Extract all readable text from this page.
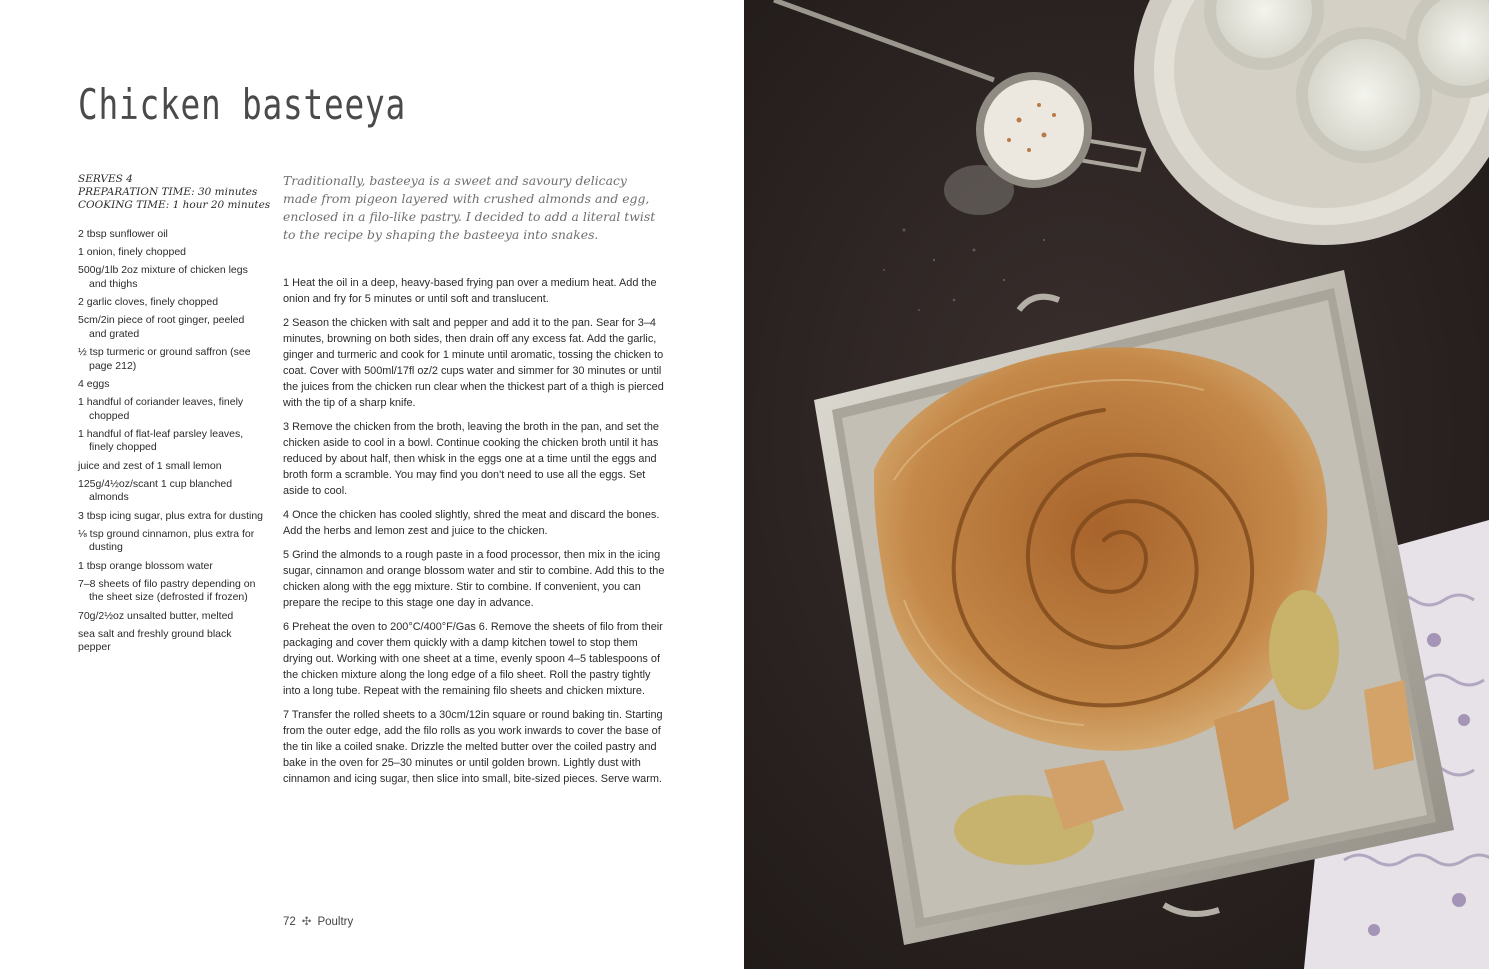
Chicken basteeya
SERVES 4
PREPARATION TIME: 30 minutes
COOKING TIME: 1 hour 20 minutes
2 tbsp sunflower oil
1 onion, finely chopped
500g/1lb 2oz mixture of chicken legs and thighs
2 garlic cloves, finely chopped
5cm/2in piece of root ginger, peeled and grated
½ tsp turmeric or ground saffron (see page 212)
4 eggs
1 handful of coriander leaves, finely chopped
1 handful of flat-leaf parsley leaves, finely chopped
juice and zest of 1 small lemon
125g/4½oz/scant 1 cup blanched almonds
3 tbsp icing sugar, plus extra for dusting
⅛ tsp ground cinnamon, plus extra for dusting
1 tbsp orange blossom water
7–8 sheets of filo pastry depending on the sheet size (defrosted if frozen)
70g/2½oz unsalted butter, melted
sea salt and freshly ground black pepper

Traditionally, basteeya is a sweet and savoury delicacy made from pigeon layered with crushed almonds and egg, enclosed in a filo-like pastry. I decided to add a literal twist to the recipe by shaping the basteeya into snakes.

1 Heat the oil in a deep, heavy-based frying pan over a medium heat. Add the onion and fry for 5 minutes or until soft and translucent.

2 Season the chicken with salt and pepper and add it to the pan. Sear for 3–4 minutes, browning on both sides, then drain off any excess fat. Add the garlic, ginger and turmeric and cook for 1 minute until aromatic, tossing the chicken to coat. Cover with 500ml/17fl oz/2 cups water and simmer for 30 minutes or until the juices from the chicken run clear when the thickest part of a thigh is pierced with the tip of a sharp knife.

3 Remove the chicken from the broth, leaving the broth in the pan, and set the chicken aside to cool in a bowl. Continue cooking the chicken broth until it has reduced by about half, then whisk in the eggs one at a time until the eggs and broth form a scramble. You may find you don't need to use all the eggs. Set aside to cool.

4 Once the chicken has cooled slightly, shred the meat and discard the bones. Add the herbs and lemon zest and juice to the chicken.

5 Grind the almonds to a rough paste in a food processor, then mix in the icing sugar, cinnamon and orange blossom water and stir to combine. Add this to the chicken along with the egg mixture. Stir to combine. If convenient, you can prepare the recipe to this stage one day in advance.

6 Preheat the oven to 200°C/400°F/Gas 6. Remove the sheets of filo from their packaging and cover them quickly with a damp kitchen towel to stop them drying out. Working with one sheet at a time, evenly spoon 4–5 tablespoons of the chicken mixture along the long edge of a filo sheet. Roll the pastry tightly into a long tube. Repeat with the remaining filo sheets and chicken mixture.

7 Transfer the rolled sheets to a 30cm/12in square or round baking tin. Starting from the outer edge, add the filo rolls as you work inwards to cover the base of the tin like a coiled snake. Drizzle the melted butter over the coiled pastry and bake in the oven for 25–30 minutes or until golden brown. Lightly dust with cinnamon and icing sugar, then slice into small, bite-sized pieces. Serve warm.

72 ✣ Poultry
